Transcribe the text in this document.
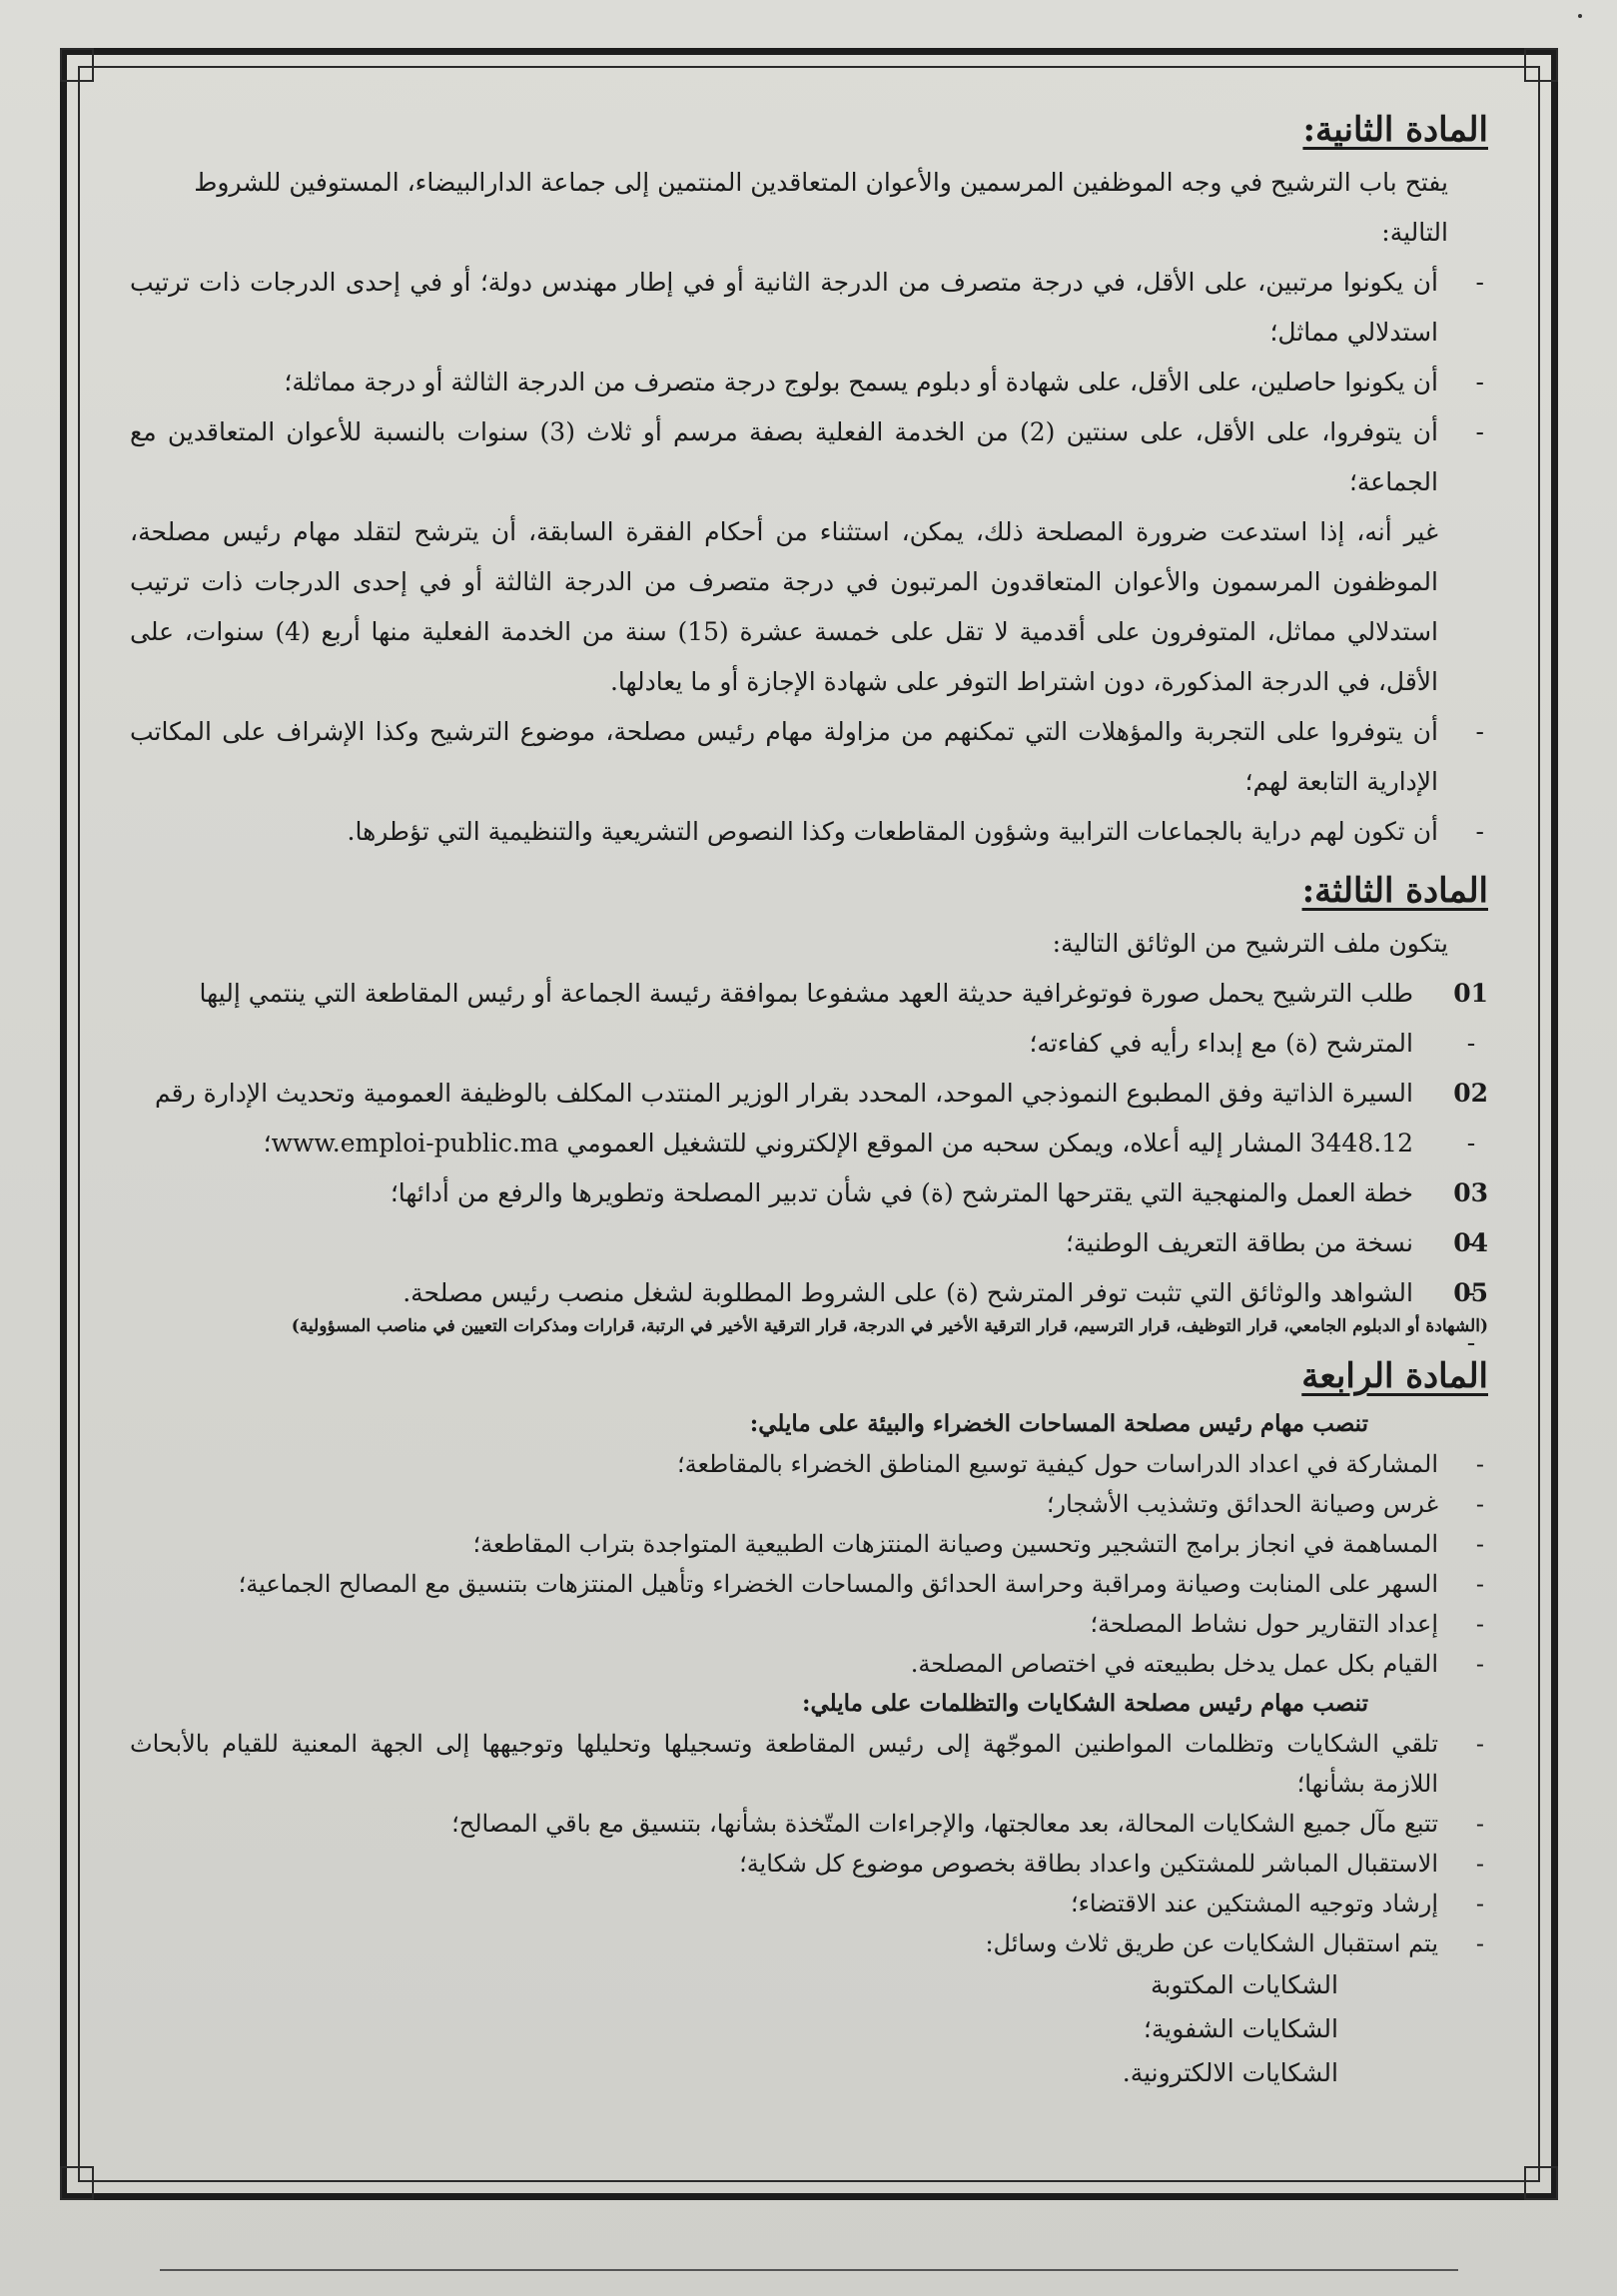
المادة الثانية:
يفتح باب الترشيح في وجه الموظفين المرسمين والأعوان المتعاقدين المنتمين إلى جماعة الدارالبيضاء، المستوفين للشروط التالية:
- أن يكونوا مرتبين، على الأقل، في درجة متصرف من الدرجة الثانية أو في إطار مهندس دولة؛ أو في إحدى الدرجات ذات ترتيب استدلالي مماثل؛
- أن يكونوا حاصلين، على الأقل، على شهادة أو دبلوم يسمح بولوج درجة متصرف من الدرجة الثالثة أو درجة مماثلة؛
- أن يتوفروا، على الأقل، على سنتين (2) من الخدمة الفعلية بصفة مرسم أو ثلاث (3) سنوات بالنسبة للأعوان المتعاقدين مع الجماعة؛
غير أنه، إذا استدعت ضرورة المصلحة ذلك، يمكن، استثناء من أحكام الفقرة السابقة، أن يترشح لتقلد مهام رئيس مصلحة، الموظفون المرسمون والأعوان المتعاقدون المرتبون في درجة متصرف من الدرجة الثالثة أو في إحدى الدرجات ذات ترتيب استدلالي مماثل، المتوفرون على أقدمية لا تقل على خمسة عشرة (15) سنة من الخدمة الفعلية منها أربع (4) سنوات، على الأقل، في الدرجة المذكورة، دون اشتراط التوفر على شهادة الإجازة أو ما يعادلها.
- أن يتوفروا على التجربة والمؤهلات التي تمكنهم من مزاولة مهام رئيس مصلحة، موضوع الترشيح وكذا الإشراف على المكاتب الإدارية التابعة لهم؛
- أن تكون لهم دراية بالجماعات الترابية وشؤون المقاطعات وكذا النصوص التشريعية والتنظيمية التي تؤطرها.
المادة الثالثة:
يتكون ملف الترشيح من الوثائق التالية:
01 -
طلب الترشيح يحمل صورة فوتوغرافية حديثة العهد مشفوعا بموافقة رئيسة الجماعة أو رئيس المقاطعة التي ينتمي إليها المترشح (ة) مع إبداء رأيه في كفاءته؛
02 -
السيرة الذاتية وفق المطبوع النموذجي الموحد، المحدد بقرار الوزير المنتدب المكلف بالوظيفة العمومية وتحديث الإدارة رقم 3448.12 المشار إليه أعلاه، ويمكن سحبه من الموقع الإلكتروني للتشغيل العمومي www.emploi-public.ma؛
03 -
خطة العمل والمنهجية التي يقترحها المترشح (ة) في شأن تدبير المصلحة وتطويرها والرفع من أدائها؛
04 -
نسخة من بطاقة التعريف الوطنية؛
05 -
الشواهد والوثائق التي تثبت توفر المترشح (ة) على الشروط المطلوبة لشغل منصب رئيس مصلحة.
(الشهادة أو الدبلوم الجامعي، قرار التوظيف، قرار الترسيم، قرار الترقية الأخير في الدرجة، قرار الترقية الأخير في الرتبة، قرارات ومذكرات التعيين في مناصب المسؤولية)
المادة الرابعة
تنصب مهام رئيس مصلحة المساحات الخضراء والبيئة على مايلي:
- المشاركة في اعداد الدراسات حول كيفية توسيع المناطق الخضراء بالمقاطعة؛
- غرس وصيانة الحدائق وتشذيب الأشجار؛
- المساهمة في انجاز برامج التشجير وتحسين وصيانة المنتزهات الطبيعية المتواجدة بتراب المقاطعة؛
- السهر على المنابت وصيانة ومراقبة وحراسة الحدائق والمساحات الخضراء وتأهيل المنتزهات بتنسيق مع المصالح الجماعية؛
- إعداد التقارير حول نشاط المصلحة؛
- القيام بكل عمل يدخل بطبيعته في اختصاص المصلحة.
تنصب مهام رئيس مصلحة الشكايات والتظلمات على مايلي:
- تلقي الشكايات وتظلمات المواطنين الموجّهة إلى رئيس المقاطعة وتسجيلها وتحليلها وتوجيهها إلى الجهة المعنية للقيام بالأبحاث اللازمة بشأنها؛
- تتبع مآل جميع الشكايات المحالة، بعد معالجتها، والإجراءات المتّخذة بشأنها، بتنسيق مع باقي المصالح؛
- الاستقبال المباشر للمشتكين واعداد بطاقة بخصوص موضوع كل شكاية؛
- إرشاد وتوجيه المشتكين عند الاقتضاء؛
- يتم استقبال الشكايات عن طريق ثلاث وسائل:
الشكايات المكتوبة
الشكايات الشفوية؛
الشكايات الالكترونية.
